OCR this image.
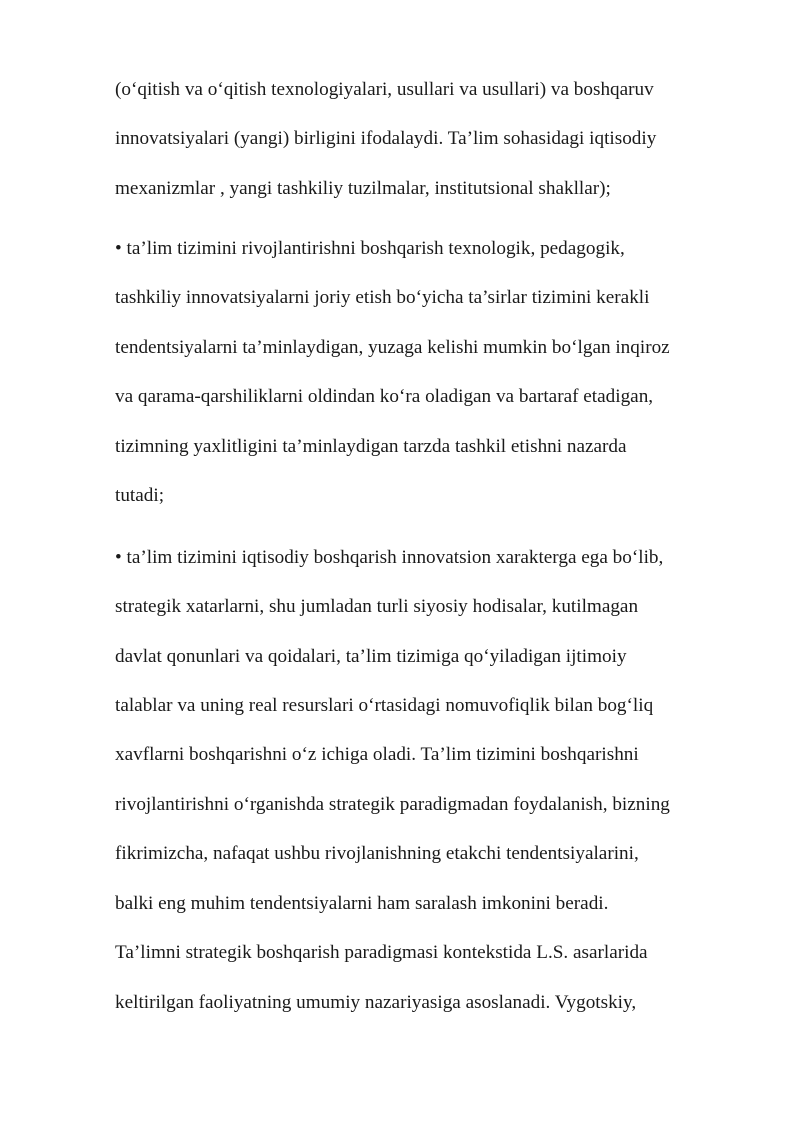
(o‘qitish va o‘qitish texnologiyalari, usullari va usullari) va boshqaruv
innovatsiyalari (yangi) birligini ifodalaydi. Ta’lim sohasidagi iqtisodiy
mexanizmlar , yangi tashkiliy tuzilmalar, institutsional shakllar);
• ta’lim tizimini rivojlantirishni boshqarish texnologik, pedagogik,
tashkiliy innovatsiyalarni joriy etish bo‘yicha ta’sirlar tizimini kerakli
tendentsiyalarni ta’minlaydigan, yuzaga kelishi mumkin bo‘lgan inqiroz
va qarama-qarshiliklarni oldindan ko‘ra oladigan va bartaraf etadigan,
tizimning yaxlitligini ta’minlaydigan tarzda tashkil etishni nazarda
tutadi;
• ta’lim tizimini iqtisodiy boshqarish innovatsion xarakterga ega bo‘lib,
strategik xatarlarni, shu jumladan turli siyosiy hodisalar, kutilmagan
davlat qonunlari va qoidalari, ta’lim tizimiga qo‘yiladigan ijtimoiy
talablar va uning real resurslari o‘rtasidagi nomuvofiqlik bilan bog‘liq
xavflarni boshqarishni o‘z ichiga oladi. Ta’lim tizimini boshqarishni
rivojlantirishni o‘rganishda strategik paradigmadan foydalanish, bizning
fikrimizcha, nafaqat ushbu rivojlanishning etakchi tendentsiyalarini,
balki eng muhim tendentsiyalarni ham saralash imkonini beradi.
Ta’limni strategik boshqarish paradigmasi kontekstida L.S. asarlarida
keltirilgan faoliyatning umumiy nazariyasiga asoslanadi. Vygotskiy,
